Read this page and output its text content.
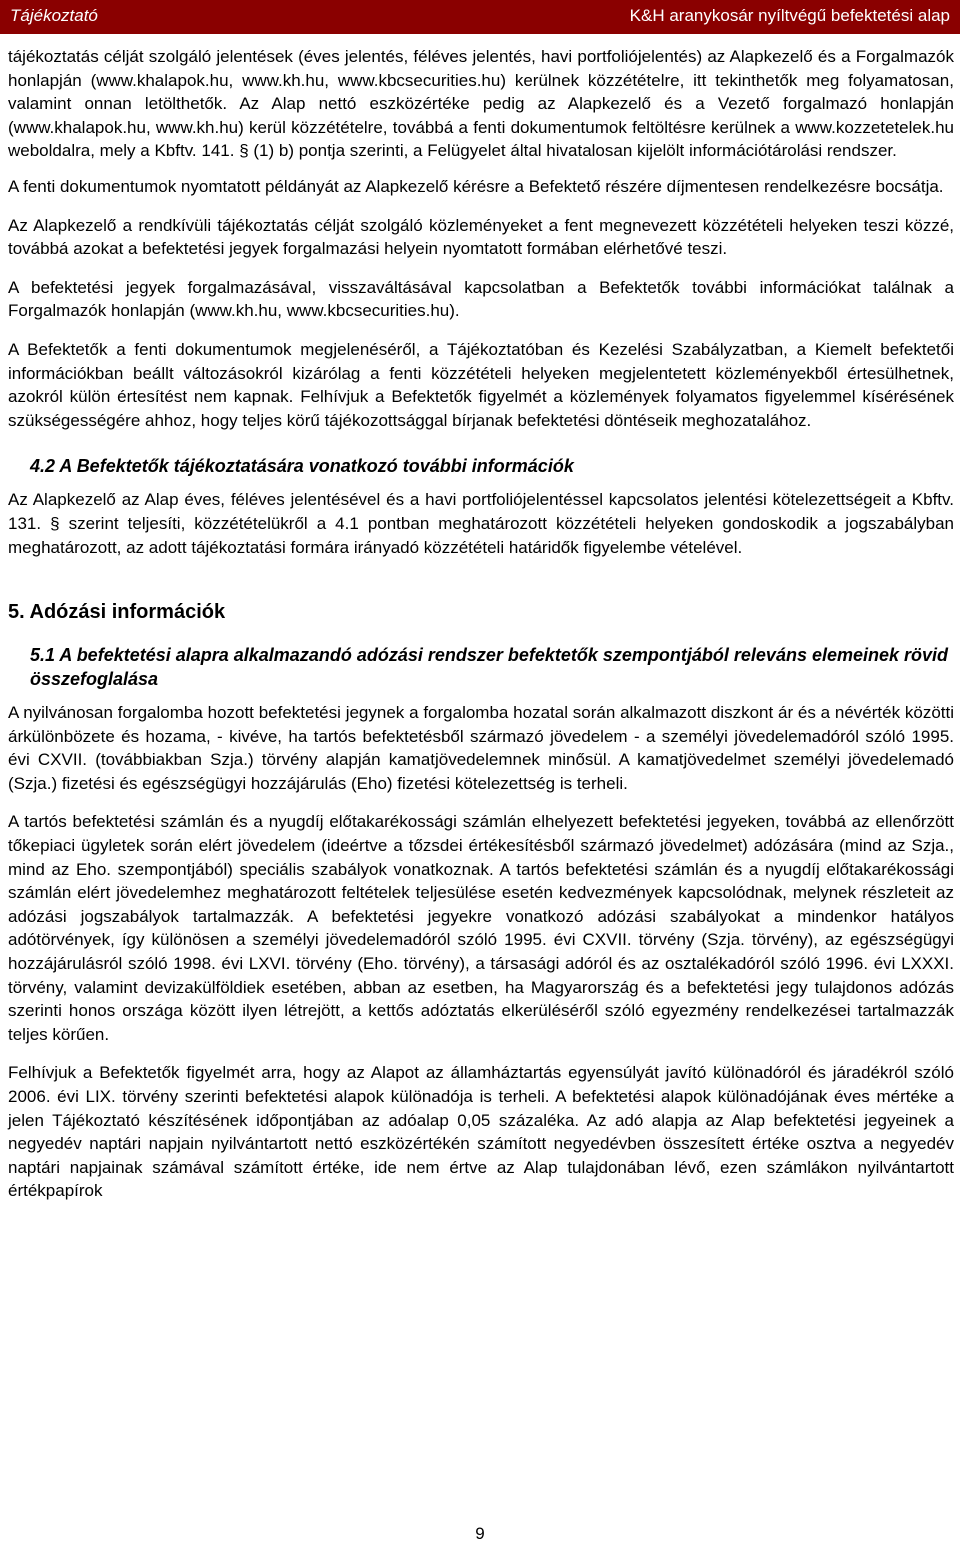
Tájékoztató	K&H aranykosár nyíltvégű befektetési alap

tájékoztatás célját szolgáló jelentések (éves jelentés, féléves jelentés, havi portfoliójelentés) az Alapkezelő és a Forgalmazók honlapján (www.khalapok.hu, www.kh.hu, www.kbcsecurities.hu) kerülnek közzétételre, itt tekinthetők meg folyamatosan, valamint onnan letölthetők. Az Alap nettó eszközértéke pedig az Alapkezelő és a Vezető forgalmazó honlapján (www.khalapok.hu, www.kh.hu) kerül közzétételre, továbbá a fenti dokumentumok feltöltésre kerülnek a www.kozzetetelek.hu weboldalra, mely a Kbftv. 141. § (1) b) pontja szerinti, a Felügyelet által hivatalosan kijelölt információtárolási rendszer.

A fenti dokumentumok nyomtatott példányát az Alapkezelő kérésre a Befektető részére díjmentesen rendelkezésre bocsátja.

Az Alapkezelő a rendkívüli tájékoztatás célját szolgáló közleményeket a fent megnevezett közzétételi helyeken teszi közzé, továbbá azokat a befektetési jegyek forgalmazási helyein nyomtatott formában elérhetővé teszi.

A befektetési jegyek forgalmazásával, visszaváltásával kapcsolatban a Befektetők további információkat találnak a Forgalmazók honlapján (www.kh.hu, www.kbcsecurities.hu).

A Befektetők a fenti dokumentumok megjelenéséről, a Tájékoztatóban és Kezelési Szabályzatban, a Kiemelt befektetői információkban beállt változásokról kizárólag a fenti közzétételi helyeken megjelentetett közleményekből értesülhetnek, azokról külön értesítést nem kapnak. Felhívjuk a Befektetők figyelmét a közlemények folyamatos figyelemmel kísérésének szükségességére ahhoz, hogy teljes körű tájékozottsággal bírjanak befektetési döntéseik meghozatalához.

4.2 A Befektetők tájékoztatására vonatkozó további információk

Az Alapkezelő az Alap éves, féléves jelentésével és a havi portfoliójelentéssel kapcsolatos jelentési kötelezettségeit a Kbftv. 131. § szerint teljesíti, közzétételükről a 4.1 pontban meghatározott közzétételi helyeken gondoskodik a jogszabályban meghatározott, az adott tájékoztatási formára irányadó közzétételi határidők figyelembe vételével.

5. Adózási információk
5.1 A befektetési alapra alkalmazandó adózási rendszer befektetők szempontjából releváns elemeinek rövid összefoglalása

A nyilvánosan forgalomba hozott befektetési jegynek a forgalomba hozatal során alkalmazott diszkont ár és a névérték közötti árkülönbözete és hozama, - kivéve, ha tartós befektetésből származó jövedelem - a személyi jövedelemadóról szóló 1995. évi CXVII. (továbbiakban Szja.) törvény alapján kamatjövedelemnek minősül. A kamatjövedelmet személyi jövedelemadó (Szja.) fizetési és egészségügyi hozzájárulás (Eho) fizetési kötelezettség is terheli.

A tartós befektetési számlán és a nyugdíj előtakarékossági számlán elhelyezett befektetési jegyeken, továbbá az ellenőrzött tőkepiaci ügyletek során elért jövedelem (ideértve a tőzsdei értékesítésből származó jövedelmet) adózására (mind az Szja., mind az Eho. szempontjából) speciális szabályok vonatkoznak. A tartós befektetési számlán és a nyugdíj előtakarékossági számlán elért jövedelemhez meghatározott feltételek teljesülése esetén kedvezmények kapcsolódnak, melynek részleteit az adózási jogszabályok tartalmazzák. A befektetési jegyekre vonatkozó adózási szabályokat a mindenkor hatályos adótörvények, így különösen a személyi jövedelemadóról szóló 1995. évi CXVII. törvény (Szja. törvény), az egészségügyi hozzájárulásról szóló 1998. évi LXVI. törvény (Eho. törvény), a társasági adóról és az osztalékadóról szóló 1996. évi LXXXI. törvény, valamint devizakülföldiek esetében, abban az esetben, ha Magyarország és a befektetési jegy tulajdonos adózás szerinti honos országa között ilyen létrejött, a kettős adóztatás elkerüléséről szóló egyezmény rendelkezései tartalmazzák teljes körűen.

Felhívjuk a Befektetők figyelmét arra, hogy az Alapot az államháztartás egyensúlyát javító különadóról és járadékról szóló 2006. évi LIX. törvény szerinti befektetési alapok különadója is terheli. A befektetési alapok különadójának éves mértéke a jelen Tájékoztató készítésének időpontjában az adóalap 0,05 százaléka. Az adó alapja az Alap befektetési jegyeinek a negyedév naptári napjain nyilvántartott nettó eszközértékén számított negyedévben összesített értéke osztva a negyedév naptári napjainak számával számított értéke, ide nem értve az Alap tulajdonában lévő, ezen számlákon nyilvántartott értékpapírok

9
